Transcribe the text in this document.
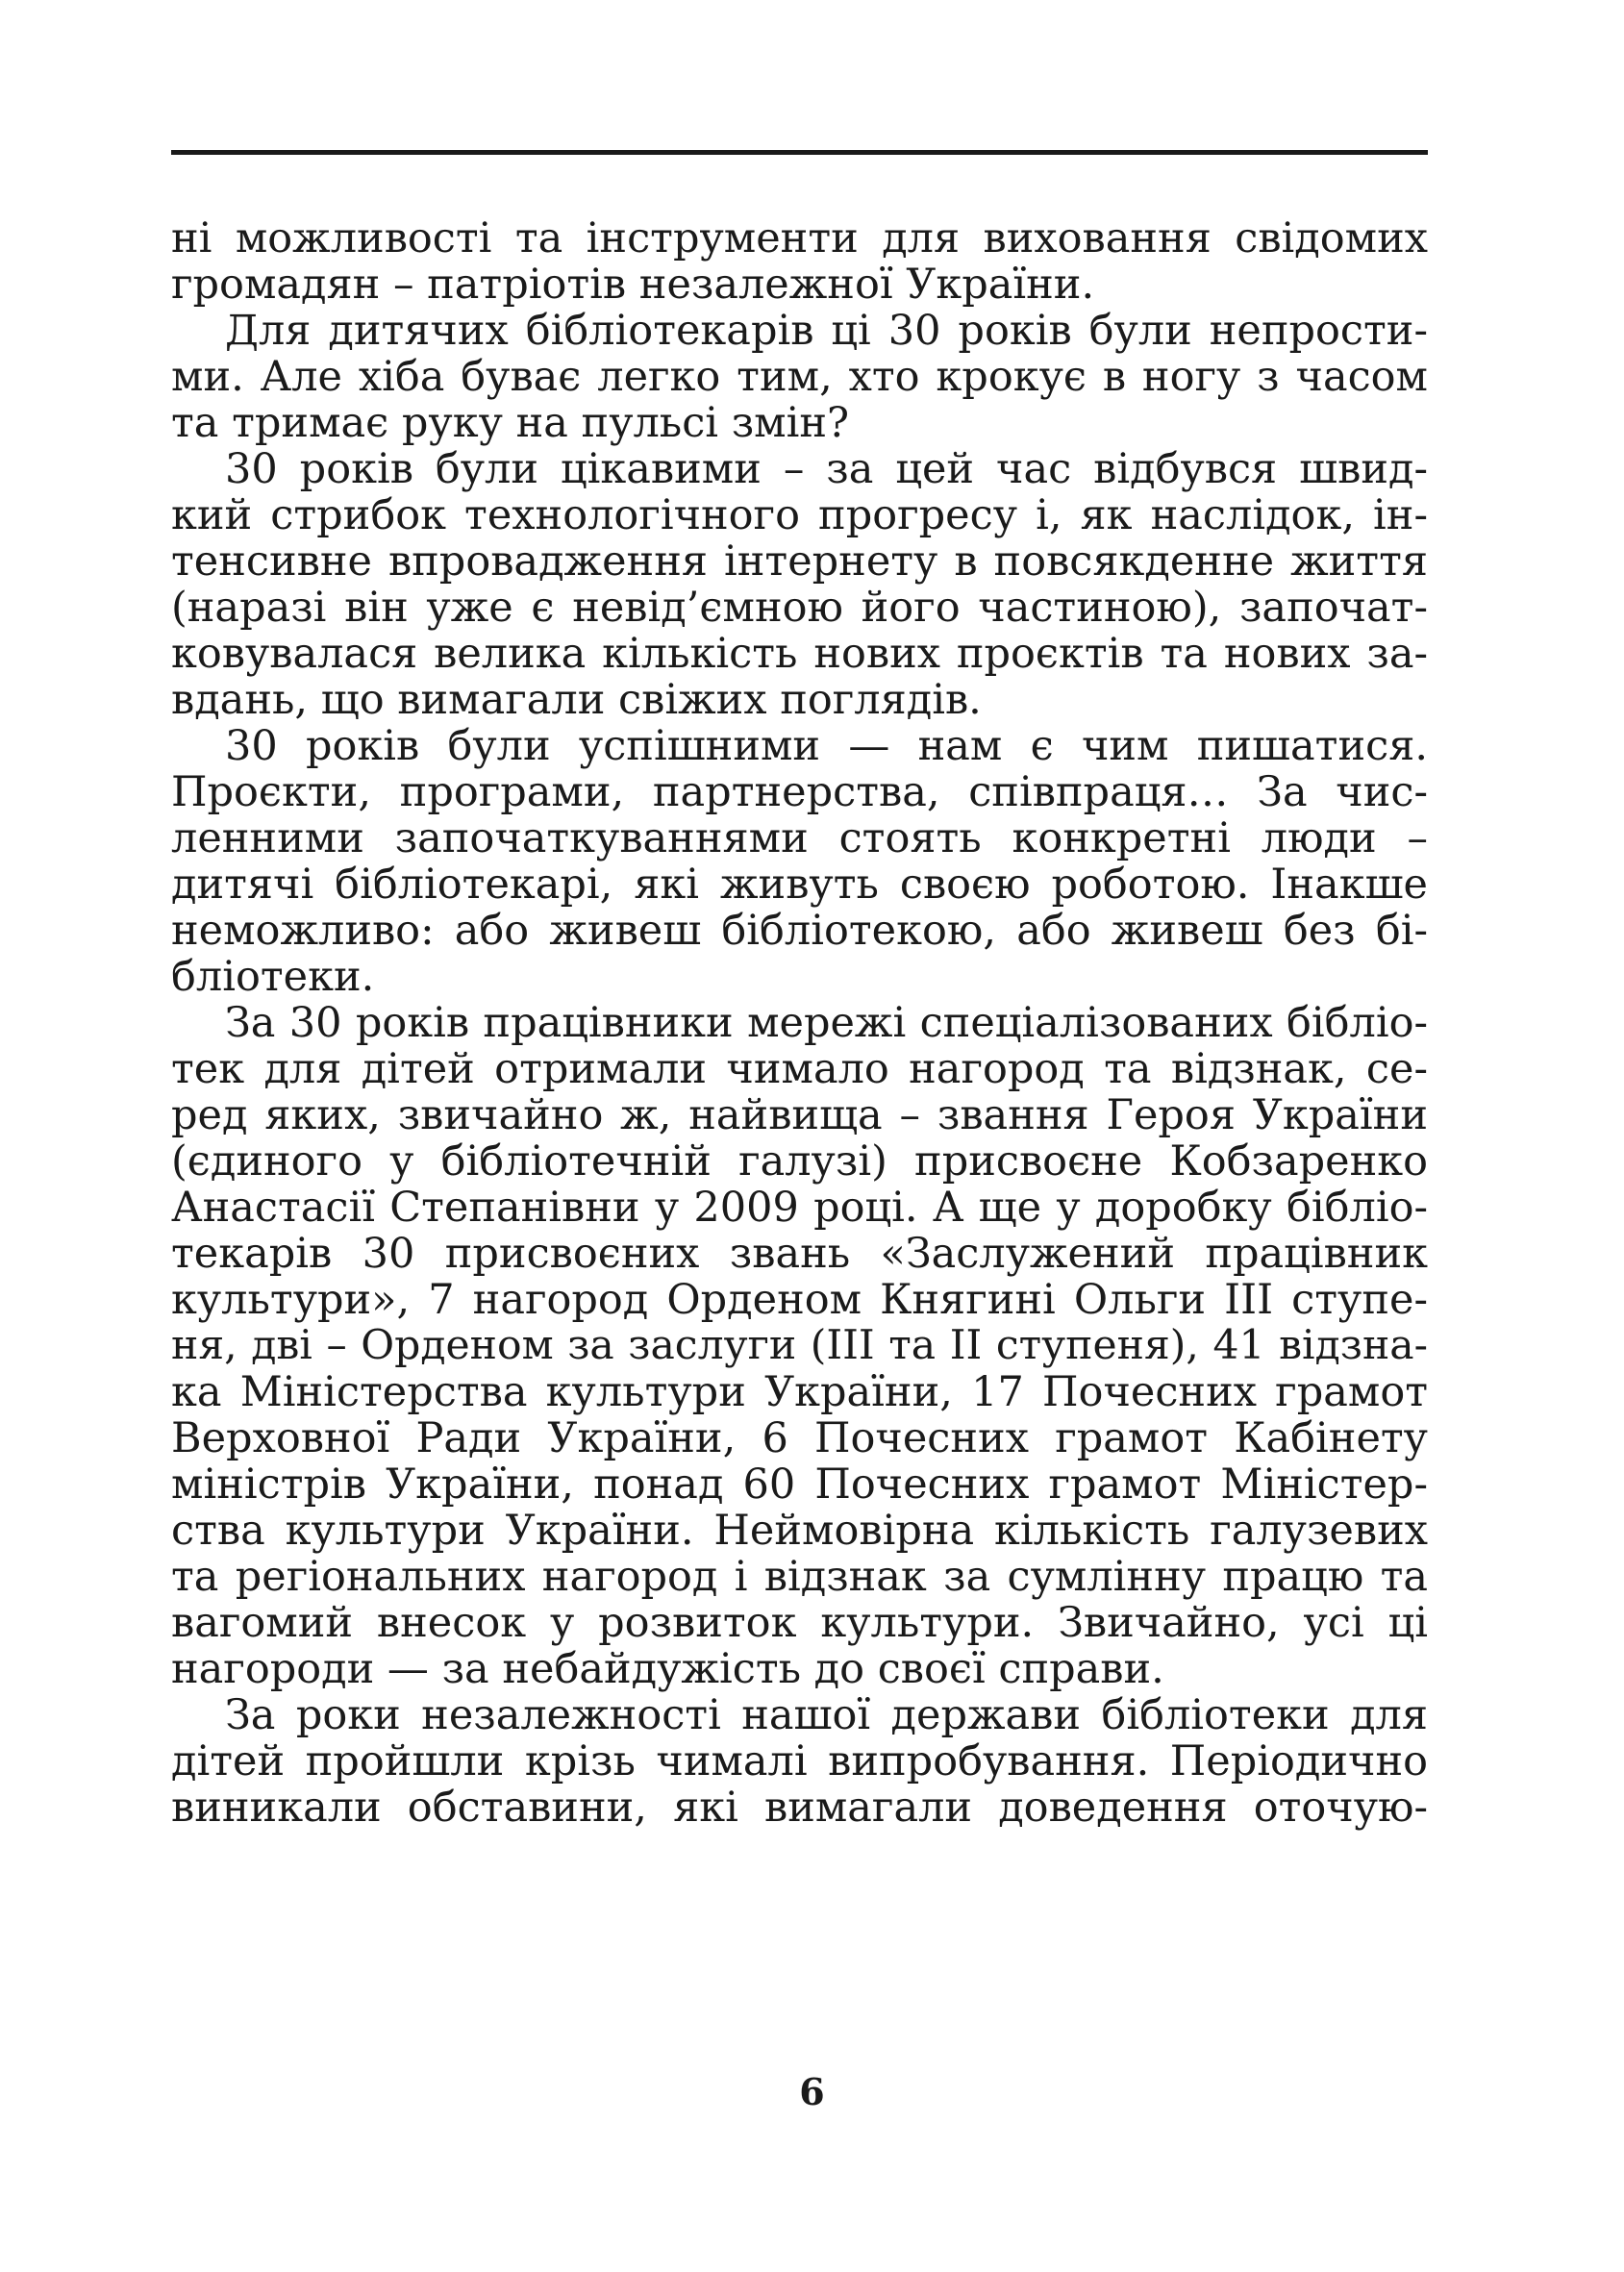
ні можливості та інструменти для виховання свідомих
громадян – патріотів незалежної України.
Для дитячих бібліотекарів ці 30 років були непрости-
ми. Але хіба буває легко тим, хто крокує в ногу з часом
та тримає руку на пульсі змін?
30 років були цікавими – за цей час відбувся швид-
кий стрибок технологічного прогресу і, як наслідок, ін-
тенсивне впровадження інтернету в повсякденне життя
(наразі він уже є невід’ємною його частиною), започат-
ковувалася велика кількість нових проєктів та нових за-
вдань, що вимагали свіжих поглядів.
30 років були успішними — нам є чим пишатися.
Проєкти, програми, партнерства, співпраця… За чис-
ленними започаткуваннями стоять конкретні люди –
дитячі бібліотекарі, які живуть своєю роботою. Інакше
неможливо: або живеш бібліотекою, або живеш без бі-
бліотеки.
За 30 років працівники мережі спеціалізованих бібліо-
тек для дітей отримали чимало нагород та відзнак, се-
ред яких, звичайно ж, найвища – звання Героя України
(єдиного у бібліотечній галузі) присвоєне Кобзаренко
Анастасії Степанівни у 2009 році. А ще у доробку бібліо-
текарів 30 присвоєних звань «Заслужений працівник
культури», 7 нагород Орденом Княгині Ольги ІІІ ступе-
ня, дві – Орденом за заслуги (ІІІ та ІІ ступеня), 41 відзна-
ка Міністерства культури України, 17 Почесних грамот
Верховної Ради України, 6 Почесних грамот Кабінету
міністрів України, понад 60 Почесних грамот Міністер-
ства культури України. Неймовірна кількість галузевих
та регіональних нагород і відзнак за сумлінну працю та
вагомий внесок у розвиток культури. Звичайно, усі ці
нагороди — за небайдужість до своєї справи.
За роки незалежності нашої держави бібліотеки для
дітей пройшли крізь чималі випробування. Періодично
виникали обставини, які вимагали доведення оточую-
6
